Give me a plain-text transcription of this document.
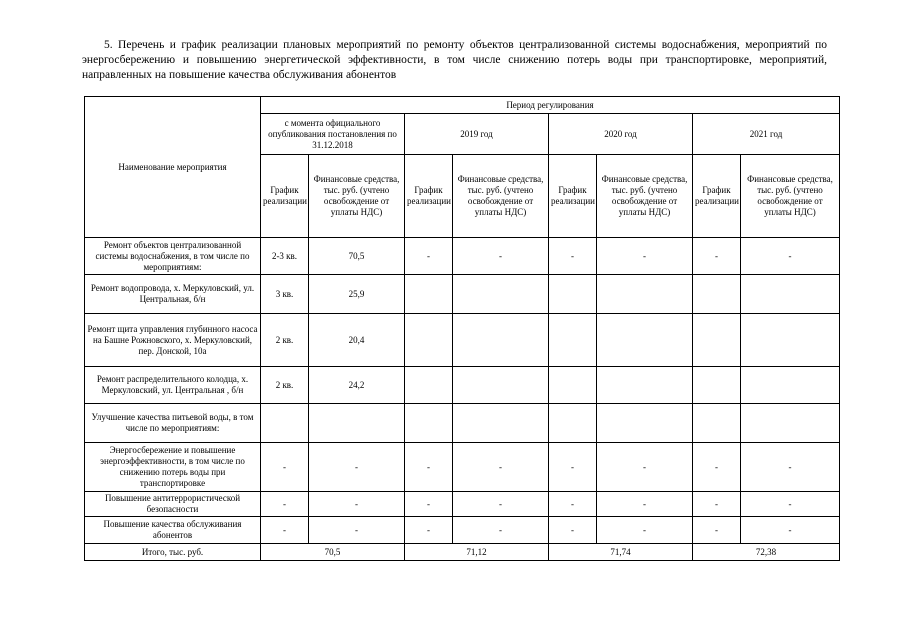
5. Перечень и график реализации плановых мероприятий по ремонту объектов централизованной системы водоснабжения, мероприятий по энергосбережению и повышению энергетической эффективности, в том числе снижению потерь воды при транспортировке, мероприятий, направленных на повышение качества обслуживания абонентов
Наименование мероприятия	Период регулирования							
	с момента официального опубликования постановления по 31.12.2018		2019 год		2020 год		2021 год	
	График реализации	Финансовые средства, тыс. руб. (учтено освобождение от уплаты НДС)	График реализации	Финансовые средства, тыс. руб. (учтено освобождение от уплаты НДС)	График реализации	Финансовые средства, тыс. руб. (учтено освобождение от уплаты НДС)	График реализации	Финансовые средства, тыс. руб. (учтено освобождение от уплаты НДС)
Ремонт объектов централизованной системы водоснабжения, в том числе по мероприятиям:	2-3 кв.	70,5	-	-	-	-	-	-
Ремонт водопровода, х. Меркуловский, ул. Центральная, б/н	3 кв.	25,9						
Ремонт щита управления глубинного насоса на Башне Рожновского, х. Меркуловский, пер. Донской, 10а	2 кв.	20,4						
Ремонт распределительного колодца, х. Меркуловский, ул. Центральная , б/н	2 кв.	24,2						
Улучшение качества питьевой воды, в том числе по мероприятиям:								
Энергосбережение и повышение энергоэффективности, в том числе по снижению потерь воды при транспортировке	-	-	-	-	-	-	-	-
Повышение антитеррористической безопасности	-	-	-	-	-	-	-	-
Повышение качества обслуживания абонентов	-	-	-	-	-	-	-	-
Итого, тыс. руб.	70,5		71,12		71,74		72,38	
